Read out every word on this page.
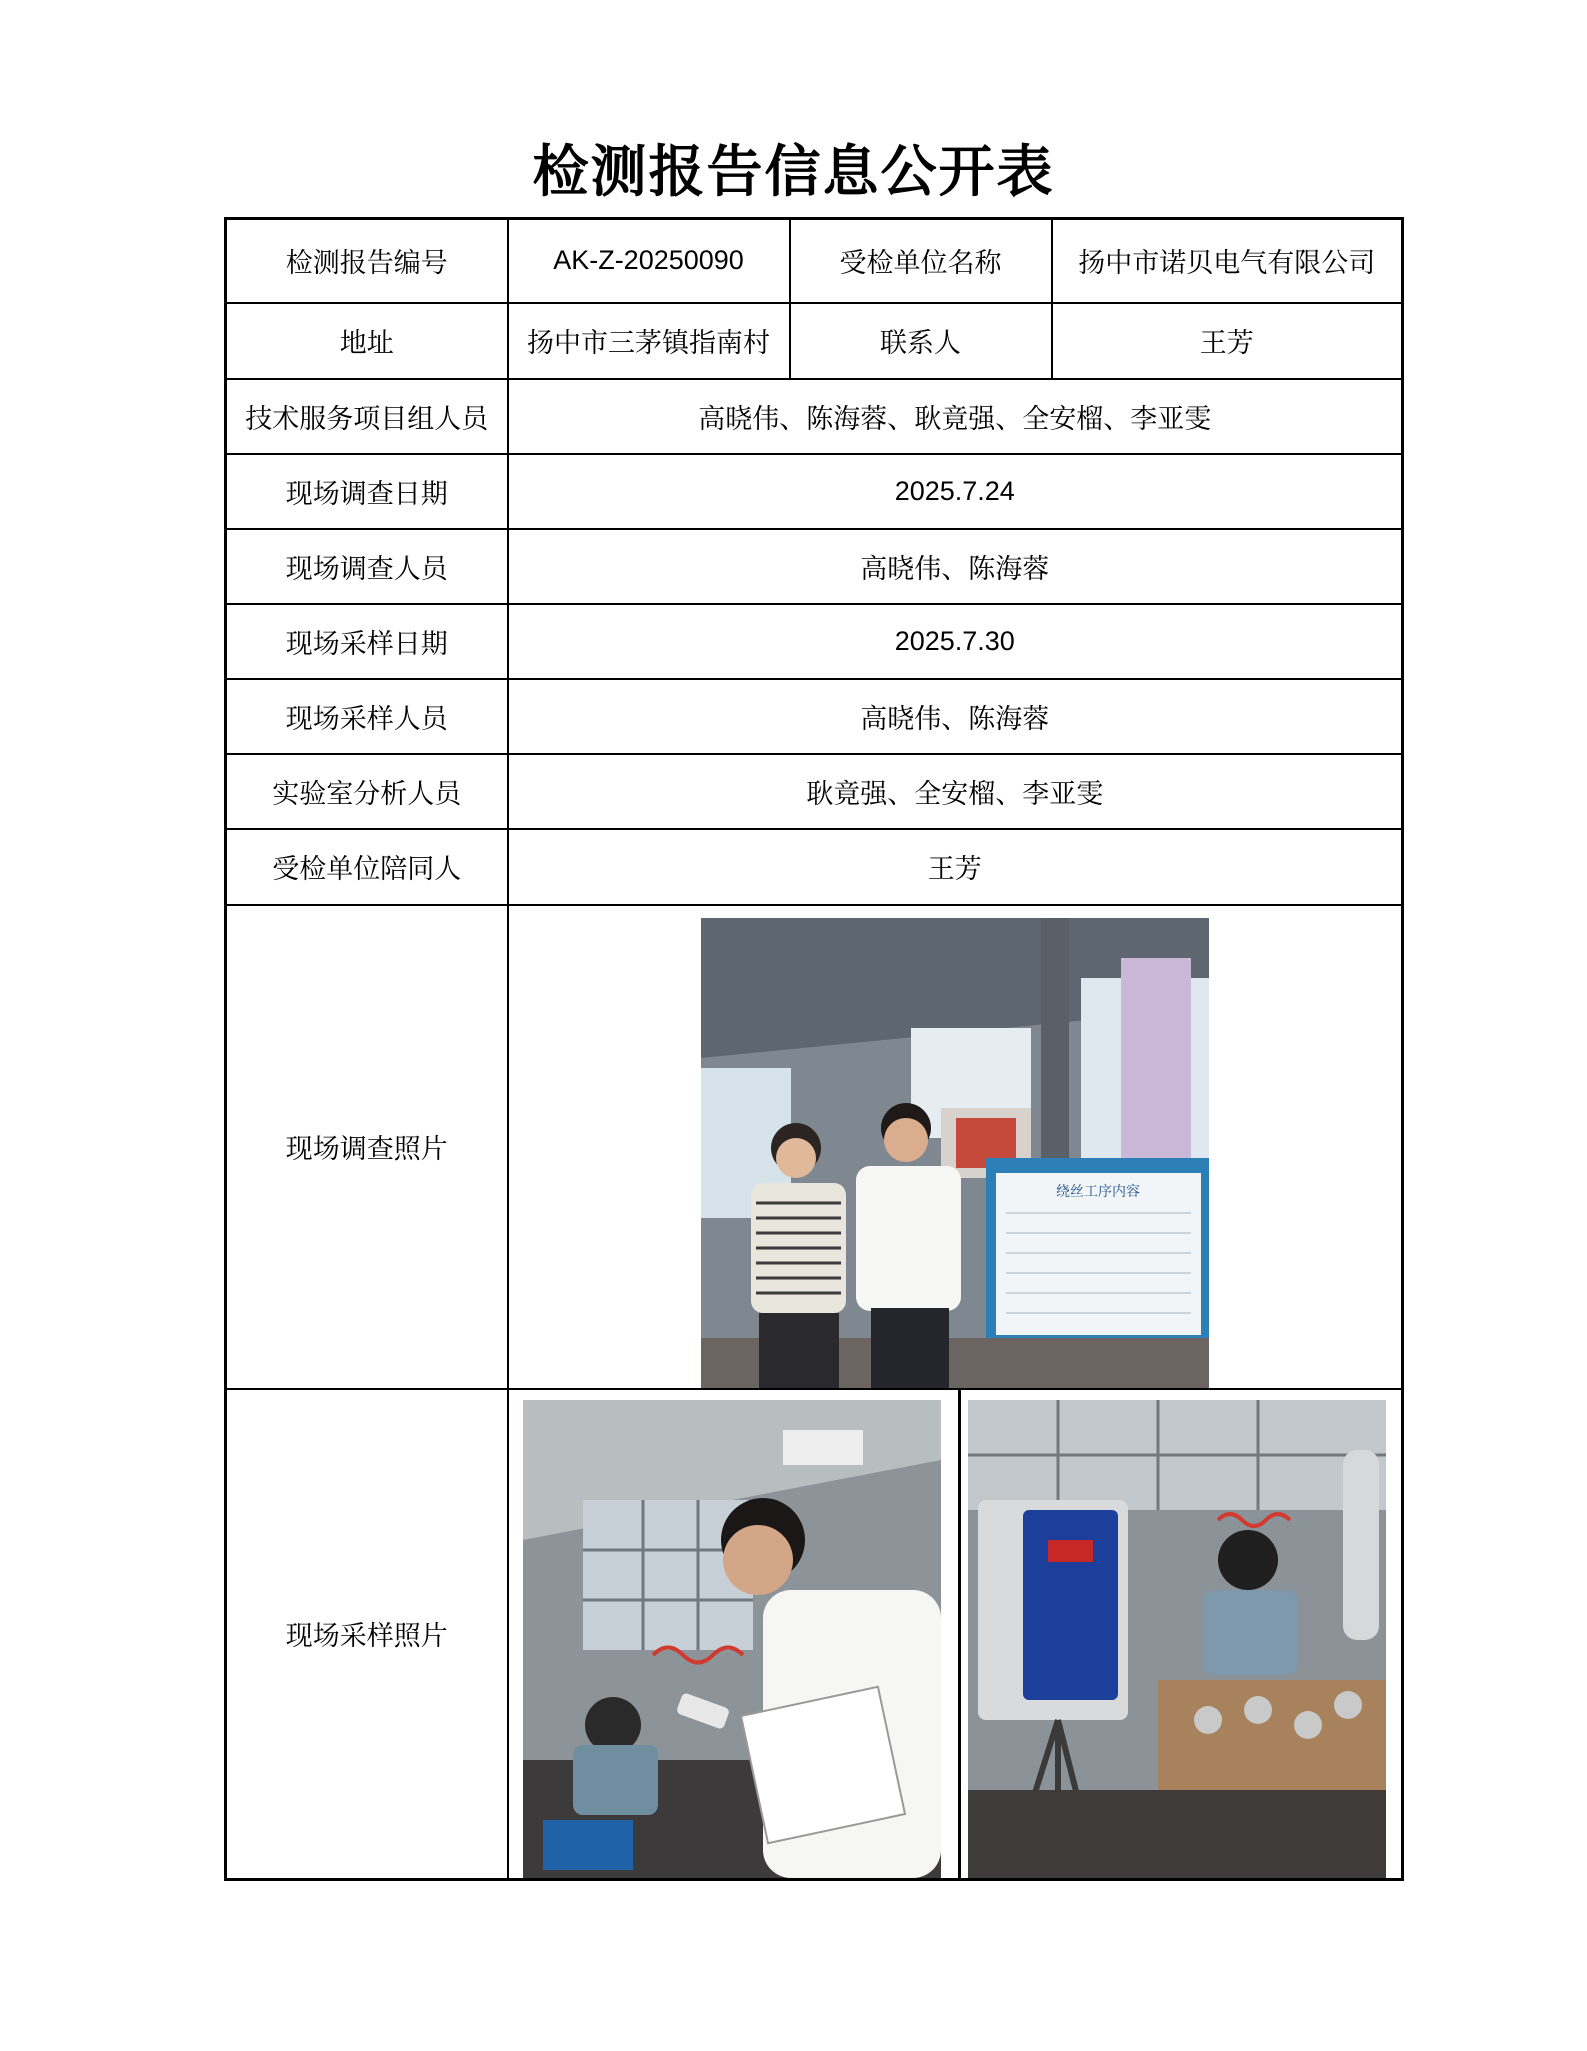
检测报告信息公开表
检测报告编号	AK-Z-20250090	受检单位名称	扬中市诺贝电气有限公司
地址	扬中市三茅镇指南村	联系人	王芳
技术服务项目组人员	高晓伟、陈海蓉、耿竟强、全安榴、李亚雯		
现场调查日期	2025.7.24		
现场调查人员	高晓伟、陈海蓉		
现场采样日期	2025.7.30		
现场采样人员	高晓伟、陈海蓉		
实验室分析人员	耿竟强、全安榴、李亚雯		
受检单位陪同人	王芳		
现场调查照片	绕丝工序内容		

现场采样照片	
